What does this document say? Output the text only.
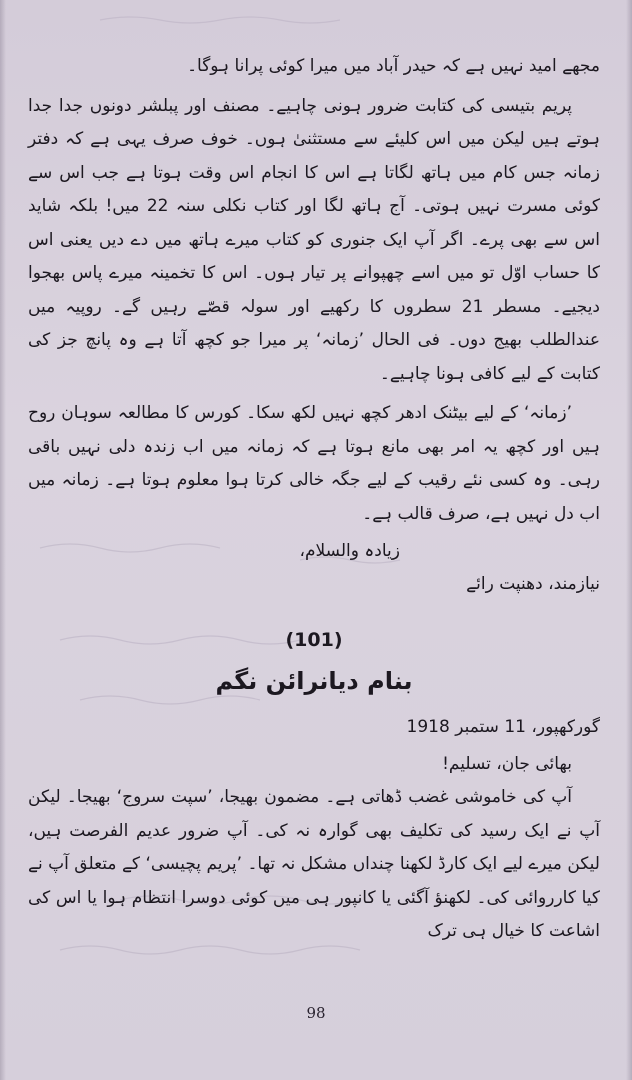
مجھے امید نہیں ہے کہ حیدر آباد میں میرا کوئی پرانا ہوگا۔

پریم بتیسی کی کتابت ضرور ہونی چاہیے۔ مصنف اور پبلشر دونوں جدا جدا ہوتے ہیں لیکن میں اس کلیئے سے مستثنیٰ ہوں۔ خوف صرف یہی ہے کہ دفتر زمانہ جس کام میں ہاتھ لگاتا ہے اس کا انجام اس وقت ہوتا ہے جب اس سے کوئی مسرت نہیں ہوتی۔ آج ہاتھ لگا اور کتاب نکلی سنہ 22 میں! بلکہ شاید اس سے بھی پرے۔ اگر آپ ایک جنوری کو کتاب میرے ہاتھ میں دے دیں یعنی اس کا حساب اوّل تو میں اسے چھپوانے پر تیار ہوں۔ اس کا تخمینہ میرے پاس بھجوا دیجیے۔ مسطر 21 سطروں کا رکھیے اور سولہ قصّے رہیں گے۔ روپیہ میں عندالطلب بھیج دوں۔ فی الحال ’زمانہ‘ پر میرا جو کچھ آتا ہے وہ پانچ جز کی کتابت کے لیے کافی ہونا چاہیے۔

’زمانہ‘ کے لیے بیٹنک ادھر کچھ نہیں لکھ سکا۔ کورس کا مطالعہ سوہان روح ہیں اور کچھ یہ امر بھی مانع ہوتا ہے کہ زمانہ میں اب زندہ دلی نہیں باقی رہی۔ وہ کسی نئے رقیب کے لیے جگہ خالی کرتا ہوا معلوم ہوتا ہے۔ زمانہ میں اب دل نہیں ہے، صرف قالب ہے۔

زیادہ والسلام،

نیازمند، دھنپت رائے

(101)

بنام دیانرائن نگم

گورکھپور، 11 ستمبر 1918

بھائی جان، تسلیم!

آپ کی خاموشی غضب ڈھاتی ہے۔ مضمون بھیجا، ’سپت سروج‘ بھیجا۔ لیکن آپ نے ایک رسید کی تکلیف بھی گوارہ نہ کی۔ آپ ضرور عدیم الفرصت ہیں، لیکن میرے لیے ایک کارڈ لکھنا چنداں مشکل نہ تھا۔ ’پریم پچیسی‘ کے متعلق آپ نے کیا کارروائی کی۔ لکھنؤ آگئی یا کانپور ہی میں کوئی دوسرا انتظام ہوا یا اس کی اشاعت کا خیال ہی ترک

98
